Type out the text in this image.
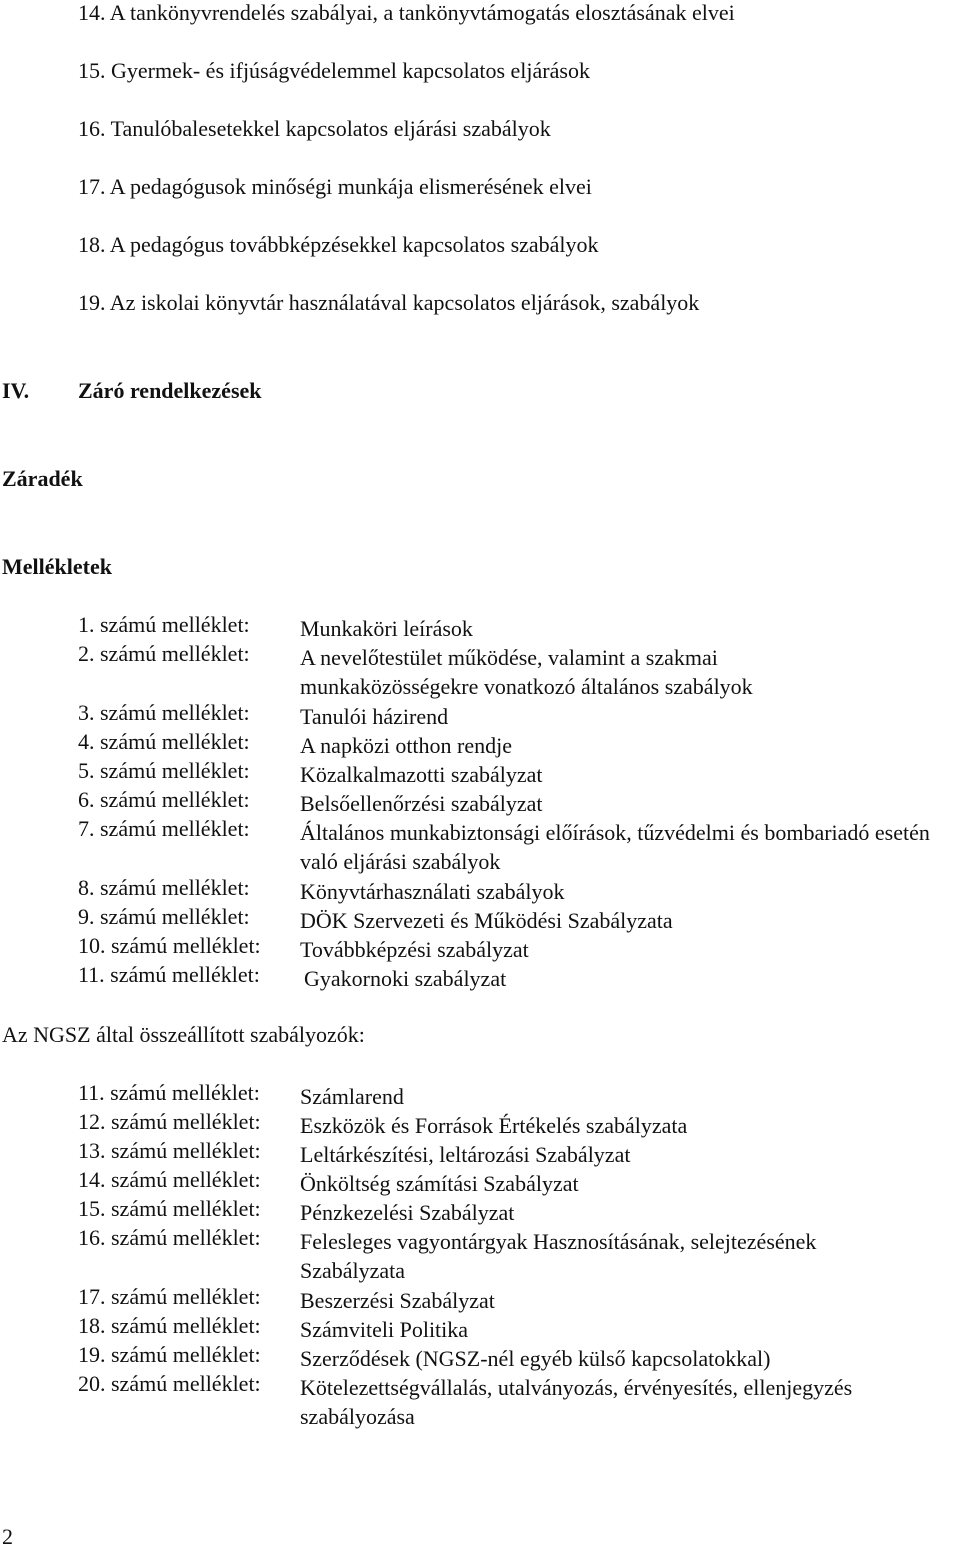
14. A tankönyvrendelés szabályai, a tankönyvtámogatás elosztásának elvei

15. Gyermek- és ifjúságvédelemmel kapcsolatos eljárások

16. Tanulóbalesetekkel kapcsolatos eljárási szabályok

17. A pedagógusok minőségi munkája elismerésének elvei

18. A pedagógus továbbképzésekkel kapcsolatos szabályok

19. Az iskolai könyvtár használatával kapcsolatos eljárások, szabályok

IV. Záró rendelkezések

Záradék

Mellékletek

1. számú melléklet: Munkaköri leírások
2. számú melléklet: A nevelőtestület működése, valamint a szakmai munkaközösségekre vonatkozó általános szabályok
3. számú melléklet: Tanulói házirend
4. számú melléklet: A napközi otthon rendje
5. számú melléklet: Közalkalmazotti szabályzat
6. számú melléklet: Belsőellenőrzési szabályzat
7. számú melléklet: Általános munkabiztonsági előírások, tűzvédelmi és bombariadó esetén való eljárási szabályok
8. számú melléklet: Könyvtárhasználati szabályok
9. számú melléklet: DÖK Szervezeti és Működési Szabályzata
10. számú melléklet: Továbbképzési szabályzat
11. számú melléklet: Gyakornoki szabályzat

Az NGSZ által összeállított szabályozók:

11. számú melléklet: Számlarend
12. számú melléklet: Eszközök és Források Értékelés szabályzata
13. számú melléklet: Leltárkészítési, leltározási Szabályzat
14. számú melléklet: Önköltség számítási Szabályzat
15. számú melléklet: Pénzkezelési Szabályzat
16. számú melléklet: Felesleges vagyontárgyak Hasznosításának, selejtezésének Szabályzata
17. számú melléklet: Beszerzési Szabályzat
18. számú melléklet: Számviteli Politika
19. számú melléklet: Szerződések (NGSZ-nél egyéb külső kapcsolatokkal)
20. számú melléklet: Kötelezettségvállalás, utalványozás, érvényesítés, ellenjegyzés szabályozása

2
